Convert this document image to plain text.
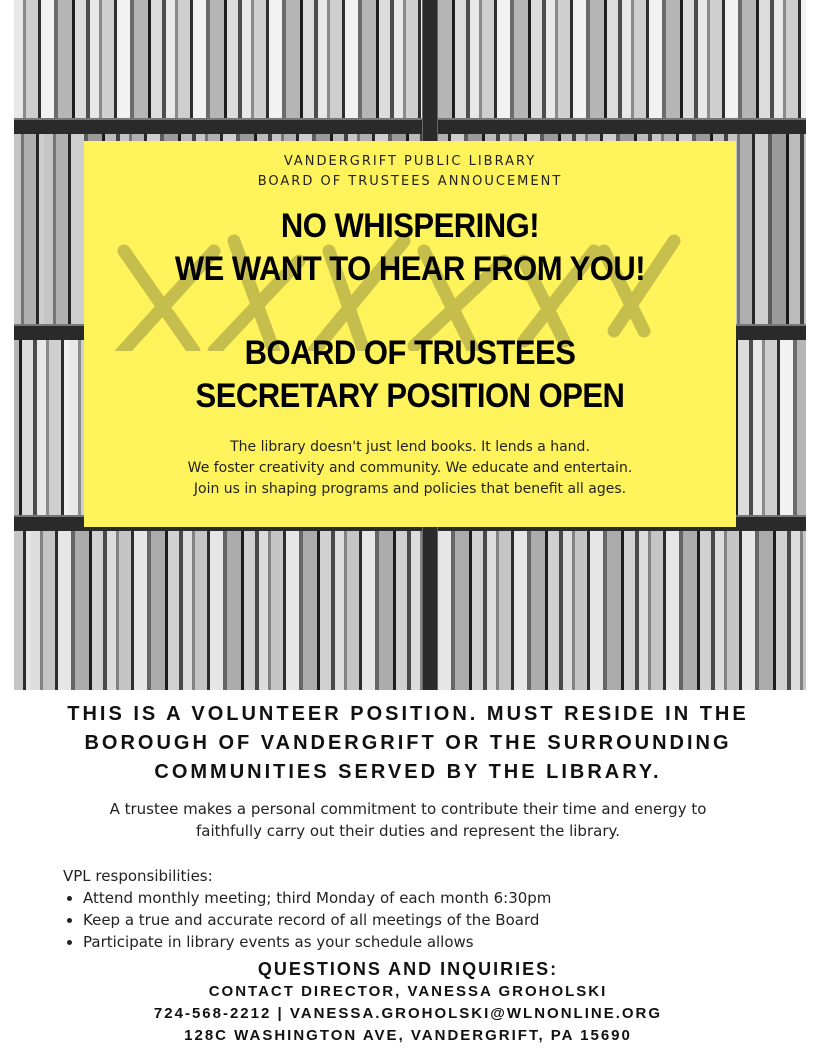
VANDERGRIFT PUBLIC LIBRARY
BOARD OF TRUSTEES ANNOUCEMENT
NO WHISPERING!
WE WANT TO HEAR FROM YOU!
BOARD OF TRUSTEES
SECRETARY POSITION OPEN
The library doesn't just lend books. It lends a hand.
We foster creativity and community. We educate and entertain.
Join us in shaping programs and policies that benefit all ages.
THIS IS A VOLUNTEER POSITION. MUST RESIDE IN THE
BOROUGH OF VANDERGRIFT OR THE SURROUNDING
COMMUNITIES SERVED BY THE LIBRARY.
A trustee makes a personal commitment to contribute their time and energy to
faithfully carry out their duties and represent the library.
VPL responsibilities:
• Attend monthly meeting; third Monday of each month 6:30pm
• Keep a true and accurate record of all meetings of the Board
• Participate in library events as your schedule allows
QUESTIONS AND INQUIRIES:
CONTACT DIRECTOR, VANESSA GROHOLSKI
724-568-2212 | VANESSA.GROHOLSKI@WLNONLINE.ORG
128C WASHINGTON AVE, VANDERGRIFT, PA 15690
